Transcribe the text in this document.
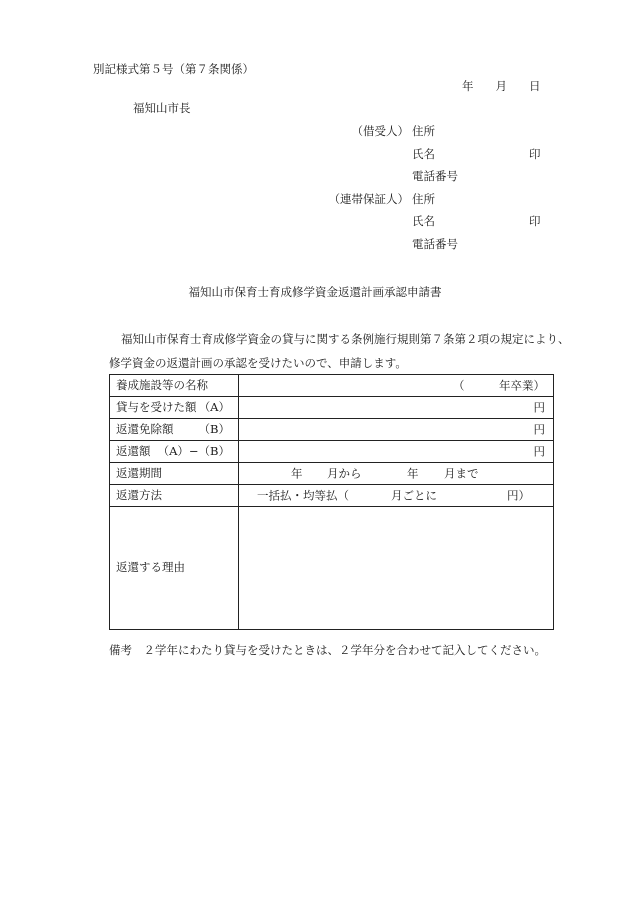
別記様式第５号（第７条関係）
年 月 日
福知山市長
（借受人） 住所
氏名	印
電話番号
（連帯保証人） 住所
氏名	印
電話番号
福知山市保育士育成修学資金返還計画承認申請書
福知山市保育士育成修学資金の貸与に関する条例施行規則第７条第２項の規定により、
修学資金の返還計画の承認を受けたいので、申請します。
養成施設等の名称	（　　　年卒業）

貸与を受けた額 （A）	円

返還免除額 （B）	円

返還額 （A）−（B）	円

返還期間	年 月から 年 月まで

返還方法	一括払・均等払（ 月ごとに 円）

返還する理由	
備考　２学年にわたり貸与を受けたときは、２学年分を合わせて記入してください。
